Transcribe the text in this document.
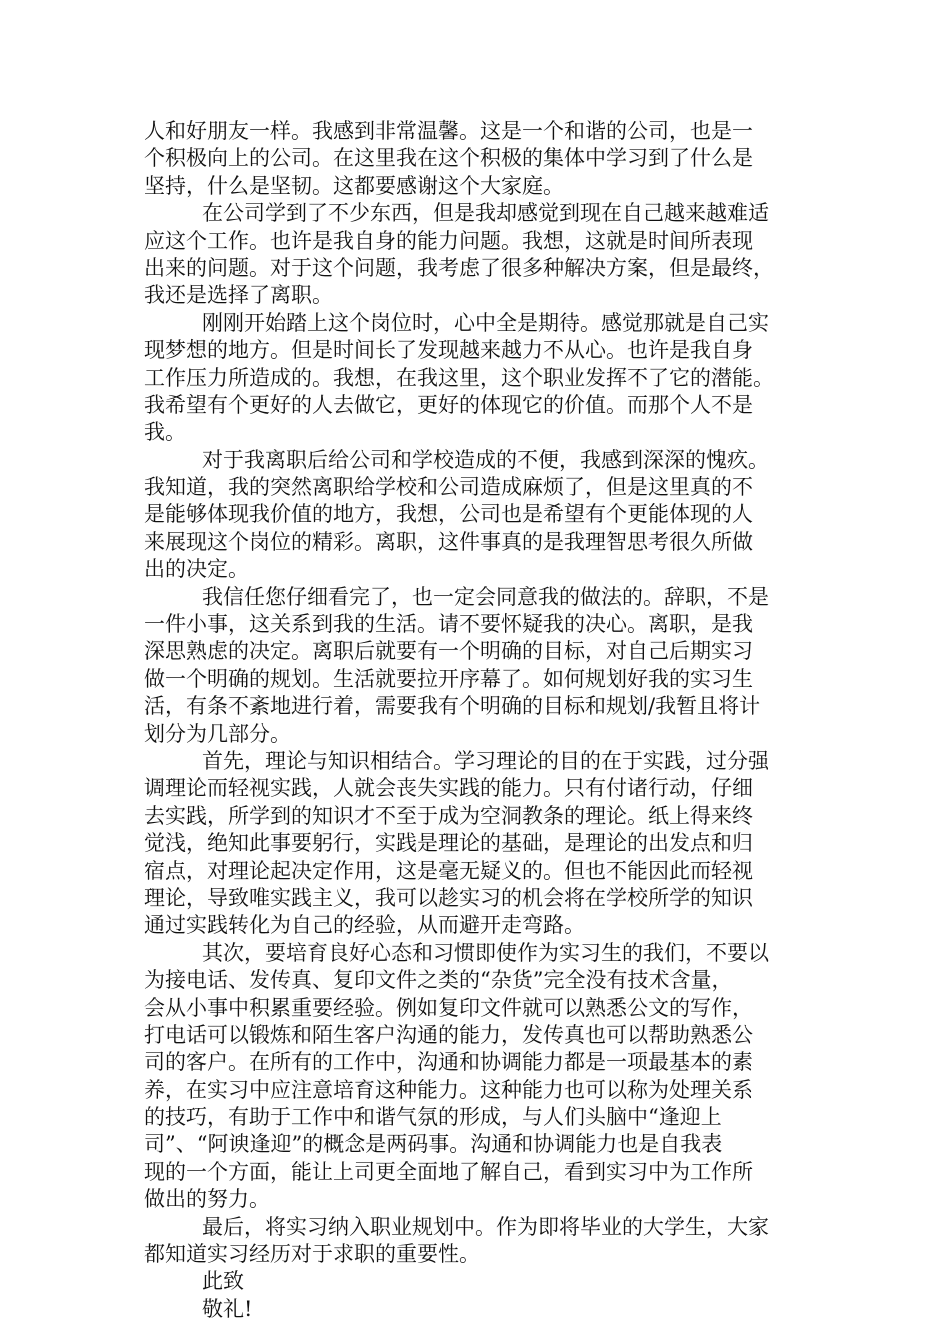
人和好朋友一样。我感到非常温馨。这是一个和谐的公司，也是一
个积极向上的公司。在这里我在这个积极的集体中学习到了什么是
坚持，什么是坚韧。这都要感谢这个大家庭。
在公司学到了不少东西，但是我却感觉到现在自己越来越难适
应这个工作。也许是我自身的能力问题。我想，这就是时间所表现
出来的问题。对于这个问题，我考虑了很多种解决方案，但是最终，
我还是选择了离职。
刚刚开始踏上这个岗位时，心中全是期待。感觉那就是自己实
现梦想的地方。但是时间长了发现越来越力不从心。也许是我自身
工作压力所造成的。我想，在我这里，这个职业发挥不了它的潜能。
我希望有个更好的人去做它，更好的体现它的价值。而那个人不是
我。
对于我离职后给公司和学校造成的不便，我感到深深的愧疚。
我知道，我的突然离职给学校和公司造成麻烦了，但是这里真的不
是能够体现我价值的地方，我想，公司也是希望有个更能体现的人
来展现这个岗位的精彩。离职，这件事真的是我理智思考很久所做
出的决定。
我信任您仔细看完了，也一定会同意我的做法的。辞职，不是
一件小事，这关系到我的生活。请不要怀疑我的决心。离职，是我
深思熟虑的决定。离职后就要有一个明确的目标，对自己后期实习
做一个明确的规划。生活就要拉开序幕了。如何规划好我的实习生
活，有条不紊地进行着，需要我有个明确的目标和规划/我暂且将计
划分为几部分。
首先，理论与知识相结合。学习理论的目的在于实践，过分强
调理论而轻视实践，人就会丧失实践的能力。只有付诸行动，仔细
去实践，所学到的知识才不至于成为空洞教条的理论。纸上得来终
觉浅，绝知此事要躬行，实践是理论的基础，是理论的出发点和归
宿点，对理论起决定作用，这是毫无疑义的。但也不能因此而轻视
理论，导致唯实践主义，我可以趁实习的机会将在学校所学的知识
通过实践转化为自己的经验，从而避开走弯路。
其次，要培育良好心态和习惯即使作为实习生的我们，不要以
为接电话、发传真、复印文件之类的“杂货”完全没有技术含量，
会从小事中积累重要经验。例如复印文件就可以熟悉公文的写作，
打电话可以锻炼和陌生客户沟通的能力，发传真也可以帮助熟悉公
司的客户。在所有的工作中，沟通和协调能力都是一项最基本的素
养，在实习中应注意培育这种能力。这种能力也可以称为处理关系
的技巧，有助于工作中和谐气氛的形成，与人们头脑中“逢迎上
司”、“阿谀逢迎”的概念是两码事。沟通和协调能力也是自我表
现的一个方面，能让上司更全面地了解自己，看到实习中为工作所
做出的努力。
最后，将实习纳入职业规划中。作为即将毕业的大学生，大家
都知道实习经历对于求职的重要性。
此致
敬礼!
